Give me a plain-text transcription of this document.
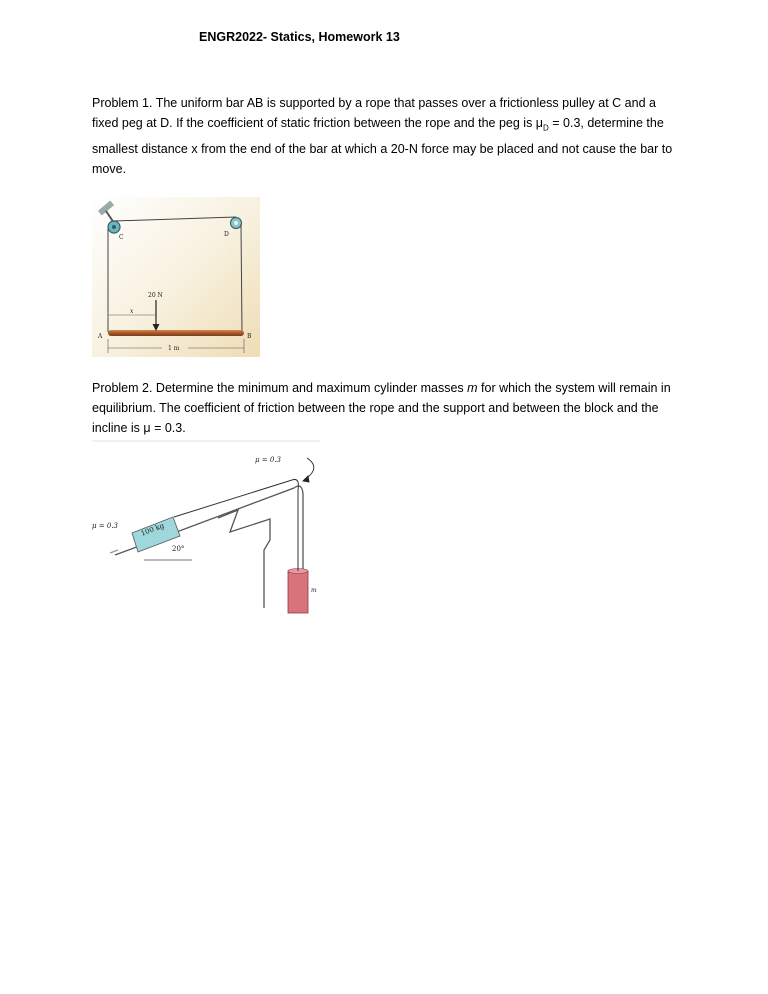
ENGR2022- Statics, Homework 13
Problem 1. The uniform bar AB is supported by a rope that passes over a frictionless pulley at C and a fixed peg at D. If the coefficient of static friction between the rope and the peg is $\mu_D = 0.3$, determine the smallest distance x from the end of the bar at which a 20-N force may be placed and not cause the bar to move.
C	D
A	B
20 N
x
1 m
Problem 2. Determine the minimum and maximum cylinder masses m for which the system will remain in equilibrium. The coefficient of friction between the rope and the support and between the block and the incline is μ = 0.3.
100 kg
20°
m
μ = 0.3
μ = 0.3
